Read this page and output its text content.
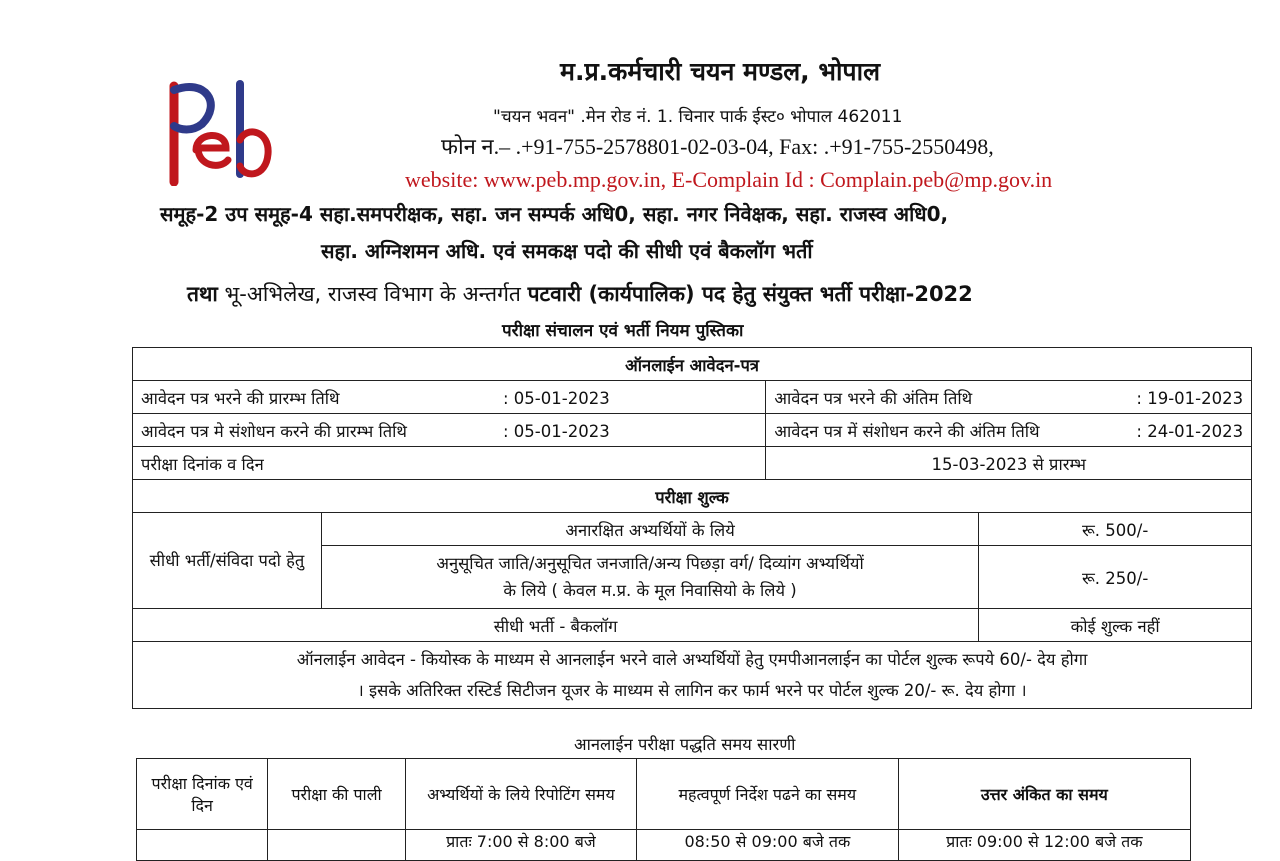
म.प्र.कर्मचारी चयन मण्डल, भोपाल
"चयन भवन" .मेन रोड नं. 1. चिनार पार्क ईस्ट० भोपाल 462011
फोन न.– .+91-755-2578801-02-03-04, Fax: .+91-755-2550498,
website: www.peb.mp.gov.in, E-Complain Id : Complain.peb@mp.gov.in
समूह-2 उप समूह-4 सहा.समपरीक्षक, सहा. जन सम्पर्क अधि0, सहा. नगर निवेक्षक, सहा. राजस्व अधि0,
सहा. अग्निशमन अधि. एवं समकक्ष पदो की सीधी एवं बैकलॉग भर्ती
तथा भू-अभिलेख, राजस्व विभाग के अन्तर्गत पटवारी (कार्यपालिक) पद हेतु संयुक्त भर्ती परीक्षा-2022
परीक्षा संचालन एवं भर्ती नियम पुस्तिका
ऑनलाईन आवेदन-पत्र			
आवेदन पत्र भरने की प्रारम्भ तिथि : 05-01-2023		आवेदन पत्र भरने की अंतिम तिथि : 19-01-2023	
आवेदन पत्र मे संशोधन करने की प्रारम्भ तिथि : 05-01-2023		आवेदन पत्र में संशोधन करने की अंतिम तिथि : 24-01-2023	
परीक्षा दिनांक व दिन		15-03-2023 से प्रारम्भ	
परीक्षा शुल्क			
सीधी भर्ती/संविदा पदो हेतु	अनारक्षित अभ्यर्थियों के लिये		रू. 500/-

	अनुसूचित जाति/अनुसूचित जनजाति/अन्य पिछड़ा वर्ग/ दिव्यांग अभ्यर्थियों
के लिये ( केवल म.प्र. के मूल निवासियो के लिये )		रू. 250/-
सीधी भर्ती - बैकलॉग			कोई शुल्क नहीं

ऑनलाईन आवेदन - कियोस्क के माध्यम से आनलाईन भरने वाले अभ्यर्थियों हेतु एमपीआनलाईन का पोर्टल शुल्क रूपये 60/- देय होगा
। इसके अतिरिक्त रस्टिर्ड सिटीजन यूजर के माध्यम से लागिन कर फार्म भरने पर पोर्टल शुल्क 20/- रू. देय होगा ।			
आनलाईन परीक्षा पद्धति समय सारणी
परीक्षा दिनांक एवं दिन	परीक्षा की पाली	अभ्यर्थियों के लिये रिपोटिंग समय	महत्वपूर्ण निर्देश पढने का समय	उत्तर अंकित का समय
		प्रातः 7:00 से 8:00 बजे	08:50 से 09:00 बजे तक	प्रातः 09:00 से 12:00 बजे तक
